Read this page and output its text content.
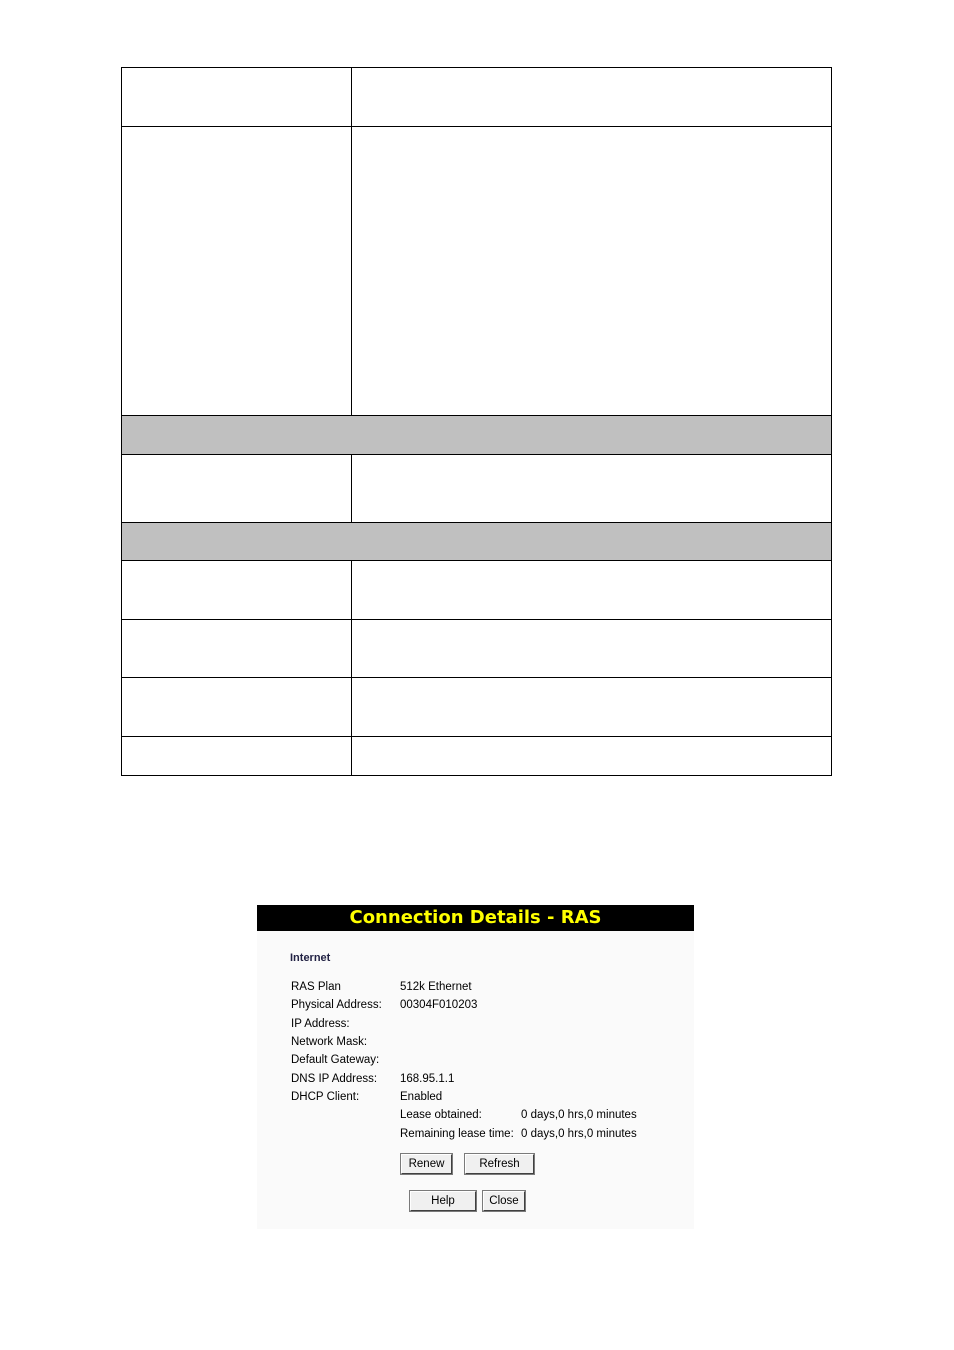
Connection Details - RAS
Internet
RAS Plan	512k Ethernet
Physical Address: 00304F010203
IP Address:
Network Mask:
Default Gateway:
DNS IP Address: 168.95.1.1
DHCP Client:	Enabled
Lease obtained:	0 days,0 hrs,0 minutes
Remaining lease time: 0 days,0 hrs,0 minutes
Renew	Refresh
Help	Close
